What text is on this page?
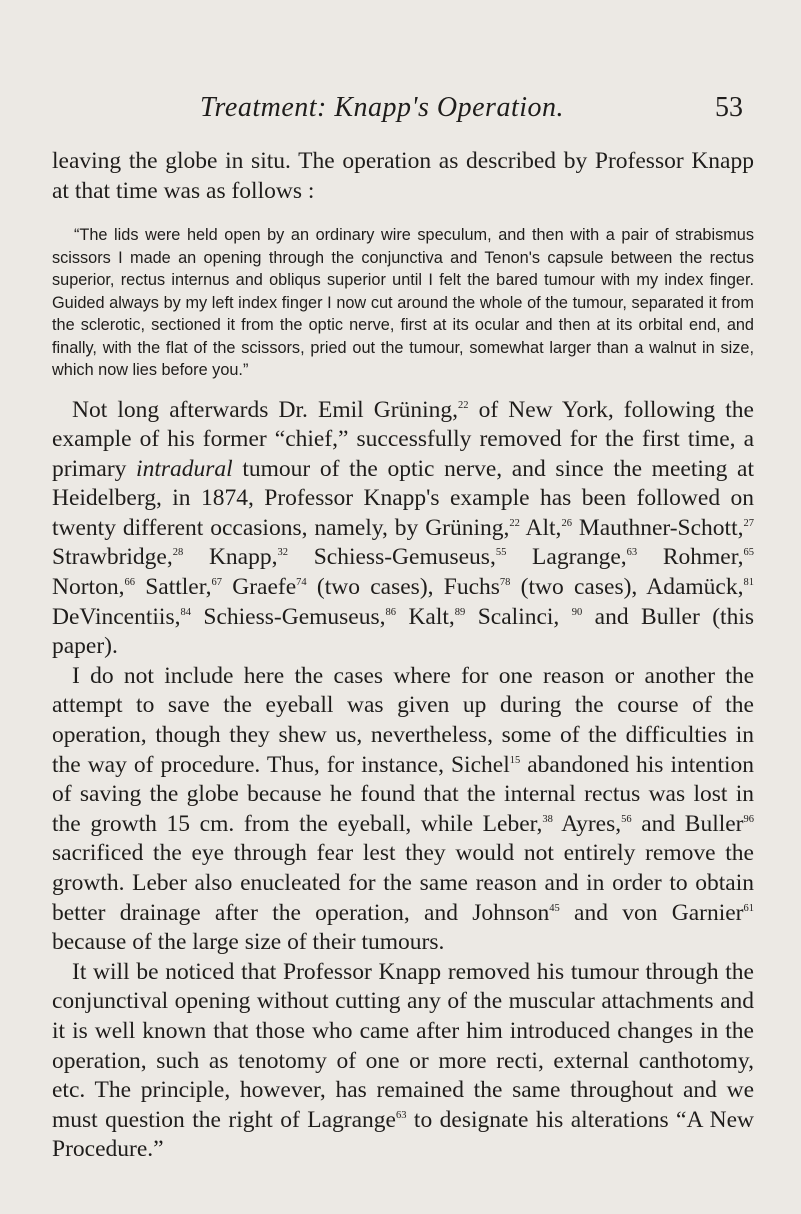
Treatment: Knapp's Operation.	53

leaving the globe in situ. The operation as described by Professor Knapp at that time was as follows :

“The lids were held open by an ordinary wire speculum, and then with a pair of strabismus scissors I made an opening through the conjunctiva and Tenon's capsule between the rectus superior, rectus internus and obliqus superior until I felt the bared tumour with my index finger. Guided always by my left index finger I now cut around the whole of the tumour, separated it from the sclerotic, sectioned it from the optic nerve, first at its ocular and then at its orbital end, and finally, with the flat of the scissors, pried out the tumour, somewhat larger than a walnut in size, which now lies before you.”

Not long afterwards Dr. Emil Grüning,$^{22}$ of New York, following the example of his former “chief,” successfully removed for the first time, a primary intradural tumour of the optic nerve, and since the meeting at Heidelberg, in 1874, Professor Knapp's example has been followed on twenty different occasions, namely, by Grüning,$^{22}$ Alt,$^{26}$ Mauthner-Schott,$^{27}$ Strawbridge,$^{28}$ Knapp,$^{32}$ Schiess-Gemuseus,$^{55}$ Lagrange,$^{63}$ Rohmer,$^{65}$ Norton,$^{66}$ Sattler,$^{67}$ Graefe$^{74}$ (two cases), Fuchs$^{78}$ (two cases), Adamück,$^{81}$ DeVincentiis,$^{84}$ Schiess-Gemuseus,$^{86}$ Kalt,$^{89}$ Scalinci, $^{90}$ and Buller (this paper).

I do not include here the cases where for one reason or another the attempt to save the eyeball was given up during the course of the operation, though they shew us, nevertheless, some of the difficulties in the way of procedure. Thus, for instance, Sichel$^{15}$ abandoned his intention of saving the globe because he found that the internal rectus was lost in the growth 15 cm. from the eyeball, while Leber,$^{38}$ Ayres,$^{56}$ and Buller$^{96}$ sacrificed the eye through fear lest they would not entirely remove the growth. Leber also enucleated for the same reason and in order to obtain better drainage after the operation, and Johnson$^{45}$ and von Garnier$^{61}$ because of the large size of their tumours.

It will be noticed that Professor Knapp removed his tumour through the conjunctival opening without cutting any of the muscular attachments and it is well known that those who came after him introduced changes in the operation, such as tenotomy of one or more recti, external canthotomy, etc. The principle, however, has remained the same throughout and we must question the right of Lagrange$^{63}$ to designate his alterations “A New Procedure.”
